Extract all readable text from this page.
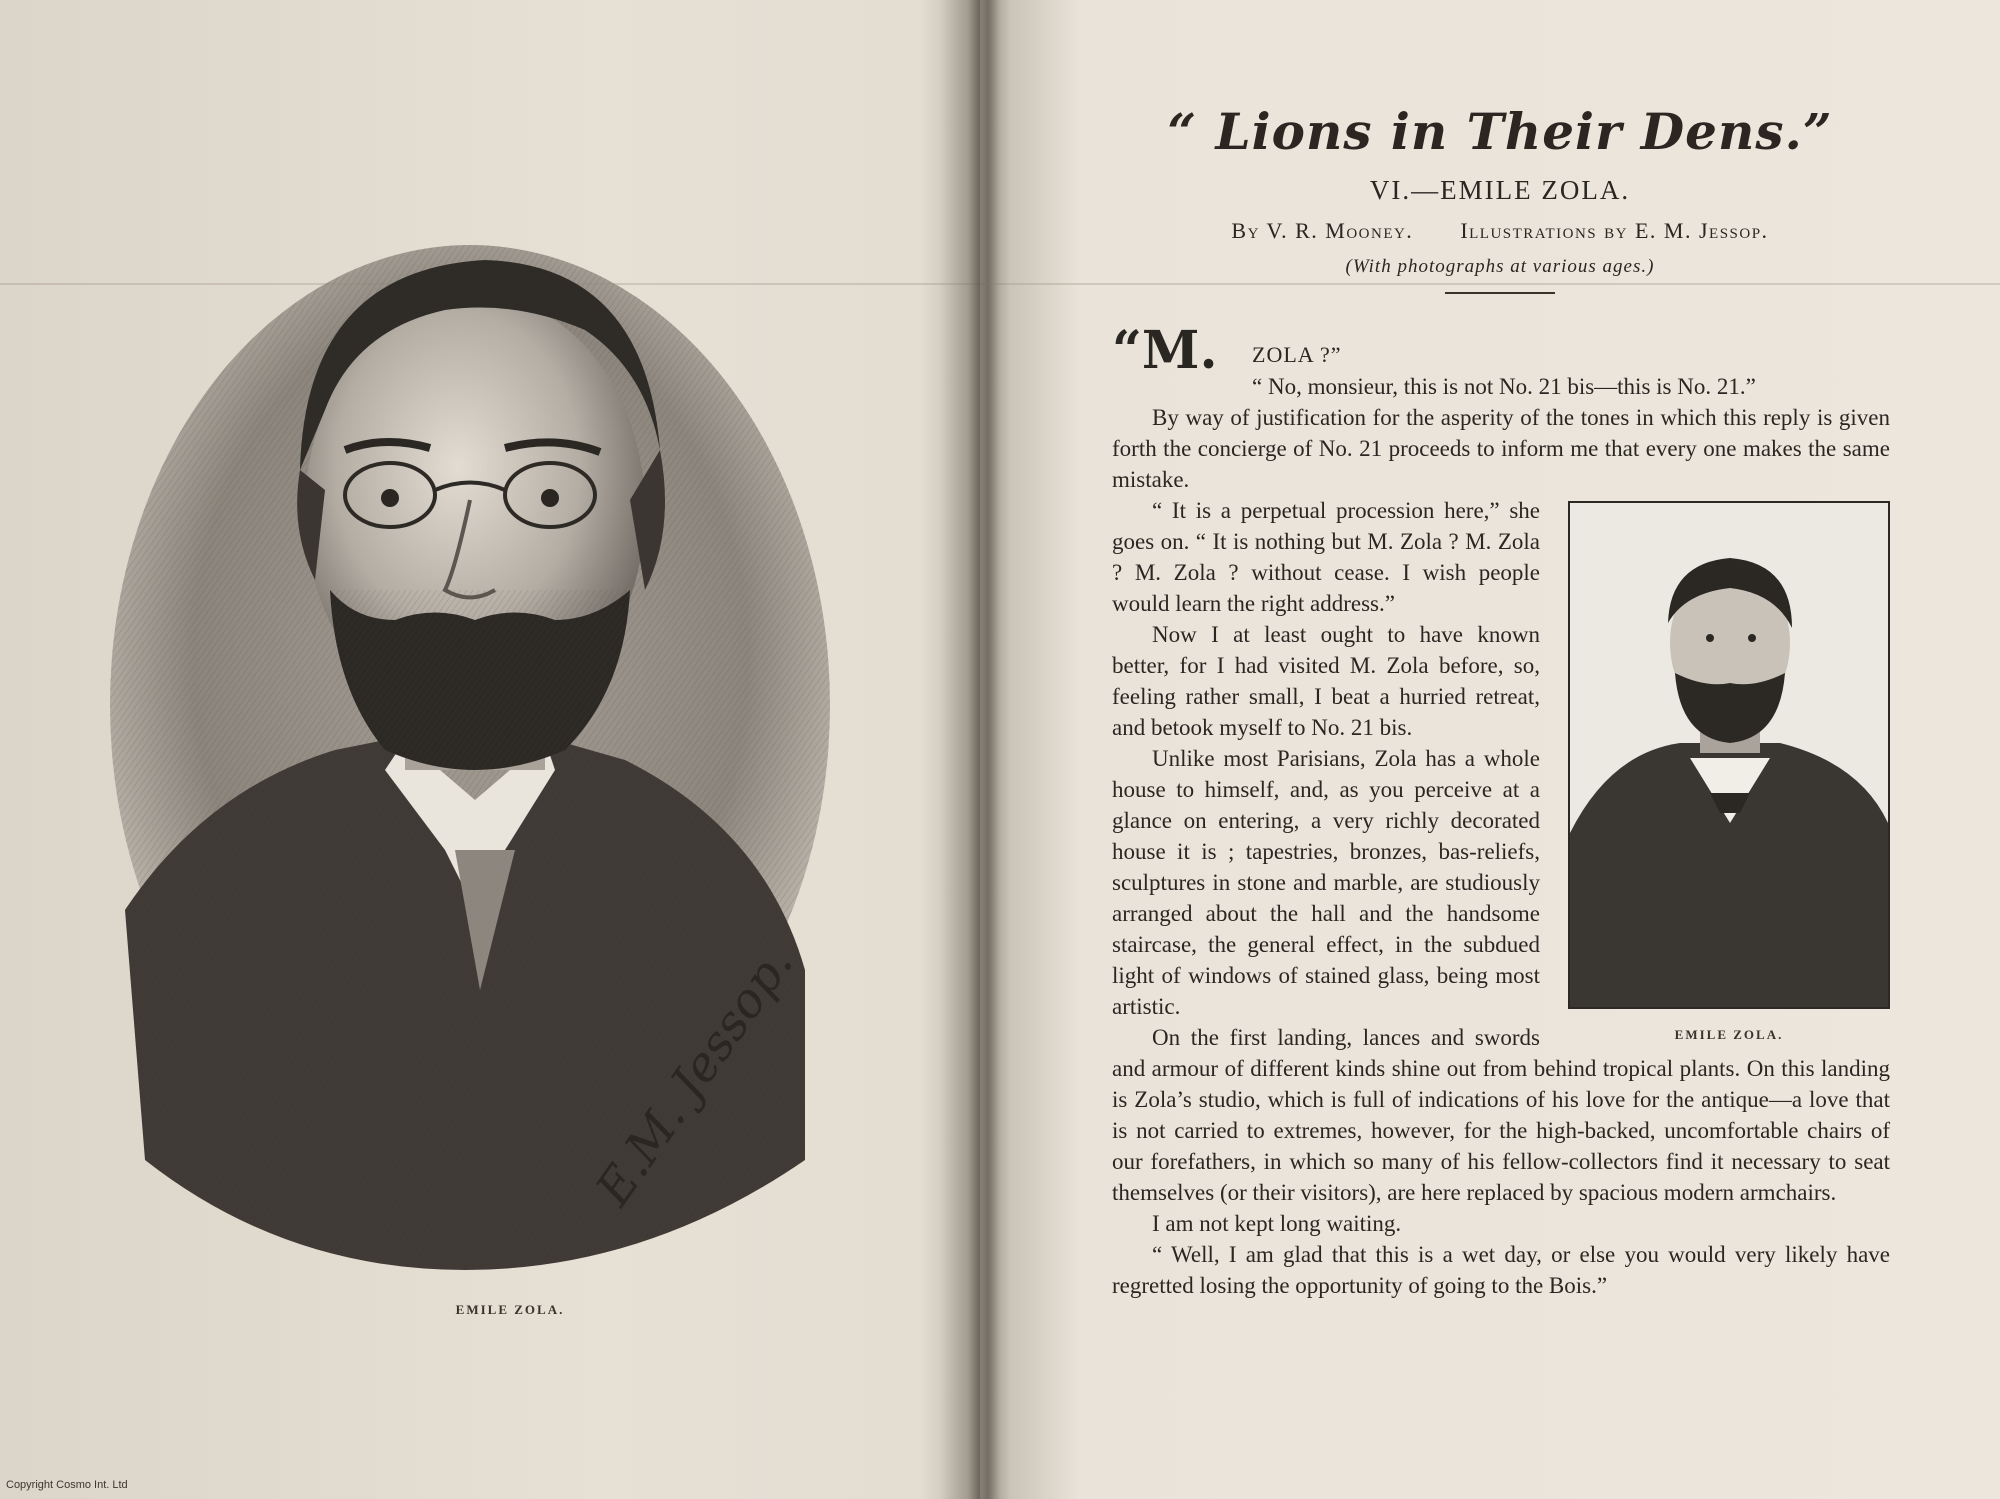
E.M. Jessop.
EMILE ZOLA.
“ Lions in Their Dens.”
VI.—EMILE ZOLA.
By V. R. Mooney. Illustrations by E. M. Jessop.
(With photographs at various ages.)
“M. ZOLA ?”

“ No, monsieur, this is not No. 21 bis—this is No. 21.”

By way of justification for the asperity of the tones in which this reply is given forth the concierge of No. 21 proceeds to inform me that every one makes the same mistake.

EMILE ZOLA.

“ It is a perpetual procession here,” she goes on. “ It is nothing but M. Zola ? M. Zola ? M. Zola ? without cease. I wish people would learn the right address.”

Now I at least ought to have known better, for I had visited M. Zola before, so, feeling rather small, I beat a hurried retreat, and betook myself to No. 21 bis.

Unlike most Parisians, Zola has a whole house to himself, and, as you perceive at a glance on entering, a very richly decorated house it is ; tapestries, bronzes, bas-reliefs, sculptures in stone and marble, are studiously arranged about the hall and the handsome staircase, the general effect, in the subdued light of windows of stained glass, being most artistic.

On the first landing, lances and swords and armour of different kinds shine out from behind tropical plants. On this landing is Zola’s studio, which is full of indications of his love for the antique—a love that is not carried to extremes, however, for the high-backed, uncomfortable chairs of our forefathers, in which so many of his fellow-collectors find it necessary to seat themselves (or their visitors), are here replaced by spacious modern armchairs.

I am not kept long waiting.

“ Well, I am glad that this is a wet day, or else you would very likely have regretted losing the opportunity of going to the Bois.”

Copyright Cosmo Int. Ltd
